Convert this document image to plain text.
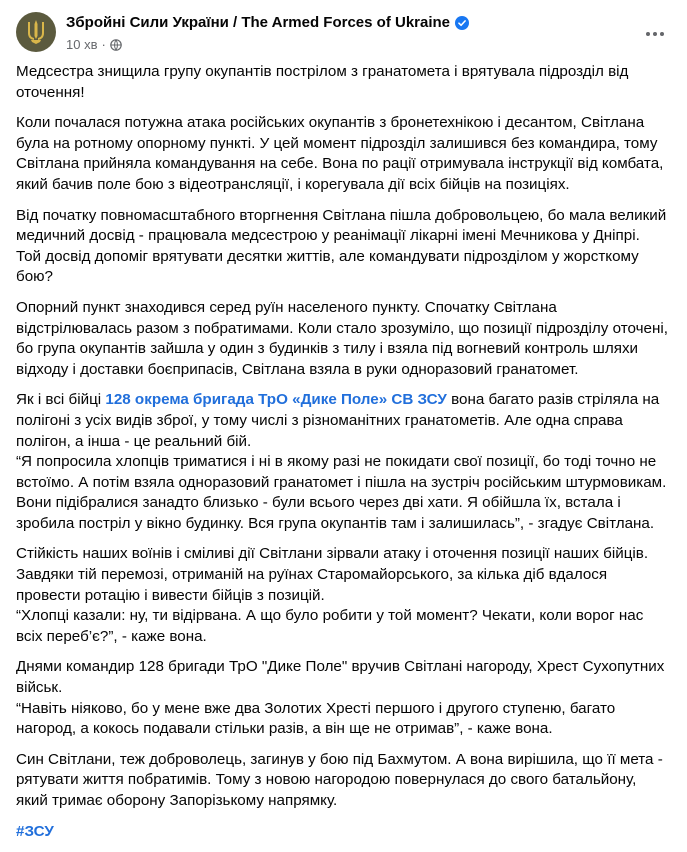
Збройні Сили України / The Armed Forces of Ukraine
10 хв ·

Медсестра знищила групу окупантів пострілом з гранатомета і врятувала підрозділ від оточення!

Коли почалася потужна атака російських окупантів з бронетехнікою і десантом, Світлана була на ротному опорному пункті. У цей момент підрозділ залишився без командира, тому Світлана прийняла командування на себе. Вона по рації отримувала інструкції від комбата, який бачив поле бою з відеотрансляції, і корегувала дії всіх бійців на позиціях.

Від початку повномасштабного вторгнення Світлана пішла добровольцею, бо мала великий медичний досвід - працювала медсестрою у реанімації лікарні імені Мечникова у Дніпрі. Той досвід допоміг врятувати десятки життів, але командувати підрозділом у жорсткому бою?

Опорний пункт знаходився серед руїн населеного пункту. Спочатку Світлана відстрілювалась разом з побратимами. Коли стало зрозуміло, що позиції підрозділу оточені, бо група окупантів зайшла у один з будинків з тилу і взяла під вогневий контроль шляхи відходу і доставки боєприпасів, Світлана взяла в руки одноразовий гранатомет.

Як і всі бійці 128 окрема бригада ТрО «Дике Поле» СВ ЗСУ вона багато разів стріляла на полігоні з усіх видів зброї, у тому числі з різноманітних гранатометів. Але одна справа полігон, а інша - це реальний бій.
“Я попросила хлопців триматися і ні в якому разі не покидати свої позиції, бо тоді точно не встоїмо. А потім взяла одноразовий гранатомет і пішла на зустріч російським штурмовикам. Вони підібралися занадто близько - були всього через дві хати. Я обійшла їх, встала і зробила постріл у вікно будинку. Вся група окупантів там і залишилась”, - згадує Світлана.

Стійкість наших воїнів і сміливі дії Світлани зірвали атаку і оточення позиції наших бійців. Завдяки тій перемозі, отриманій на руїнах Старомайорського, за кілька діб вдалося провести ротацію і вивести бійців з позицій.
“Хлопці казали: ну, ти відірвана. А що було робити у той момент? Чекати, коли ворог нас всіх переб’є?”, - каже вона.

Днями командир 128 бригади ТрО "Дике Поле" вручив Світлані нагороду, Хрест Сухопутних військ.
“Навіть ніяково, бо у мене вже два Золотих Хресті першого і другого ступеню, багато нагород, а кокось подавали стільки разів, а він ще не отримав”, - каже вона.

Син Світлани, теж доброволець, загинув у бою під Бахмутом. А вона вирішила, що її мета - рятувати життя побратимів. Тому з новою нагородою повернулася до свого батальйону, який тримає оборону Запорізькому напрямку.

#ЗСУ
